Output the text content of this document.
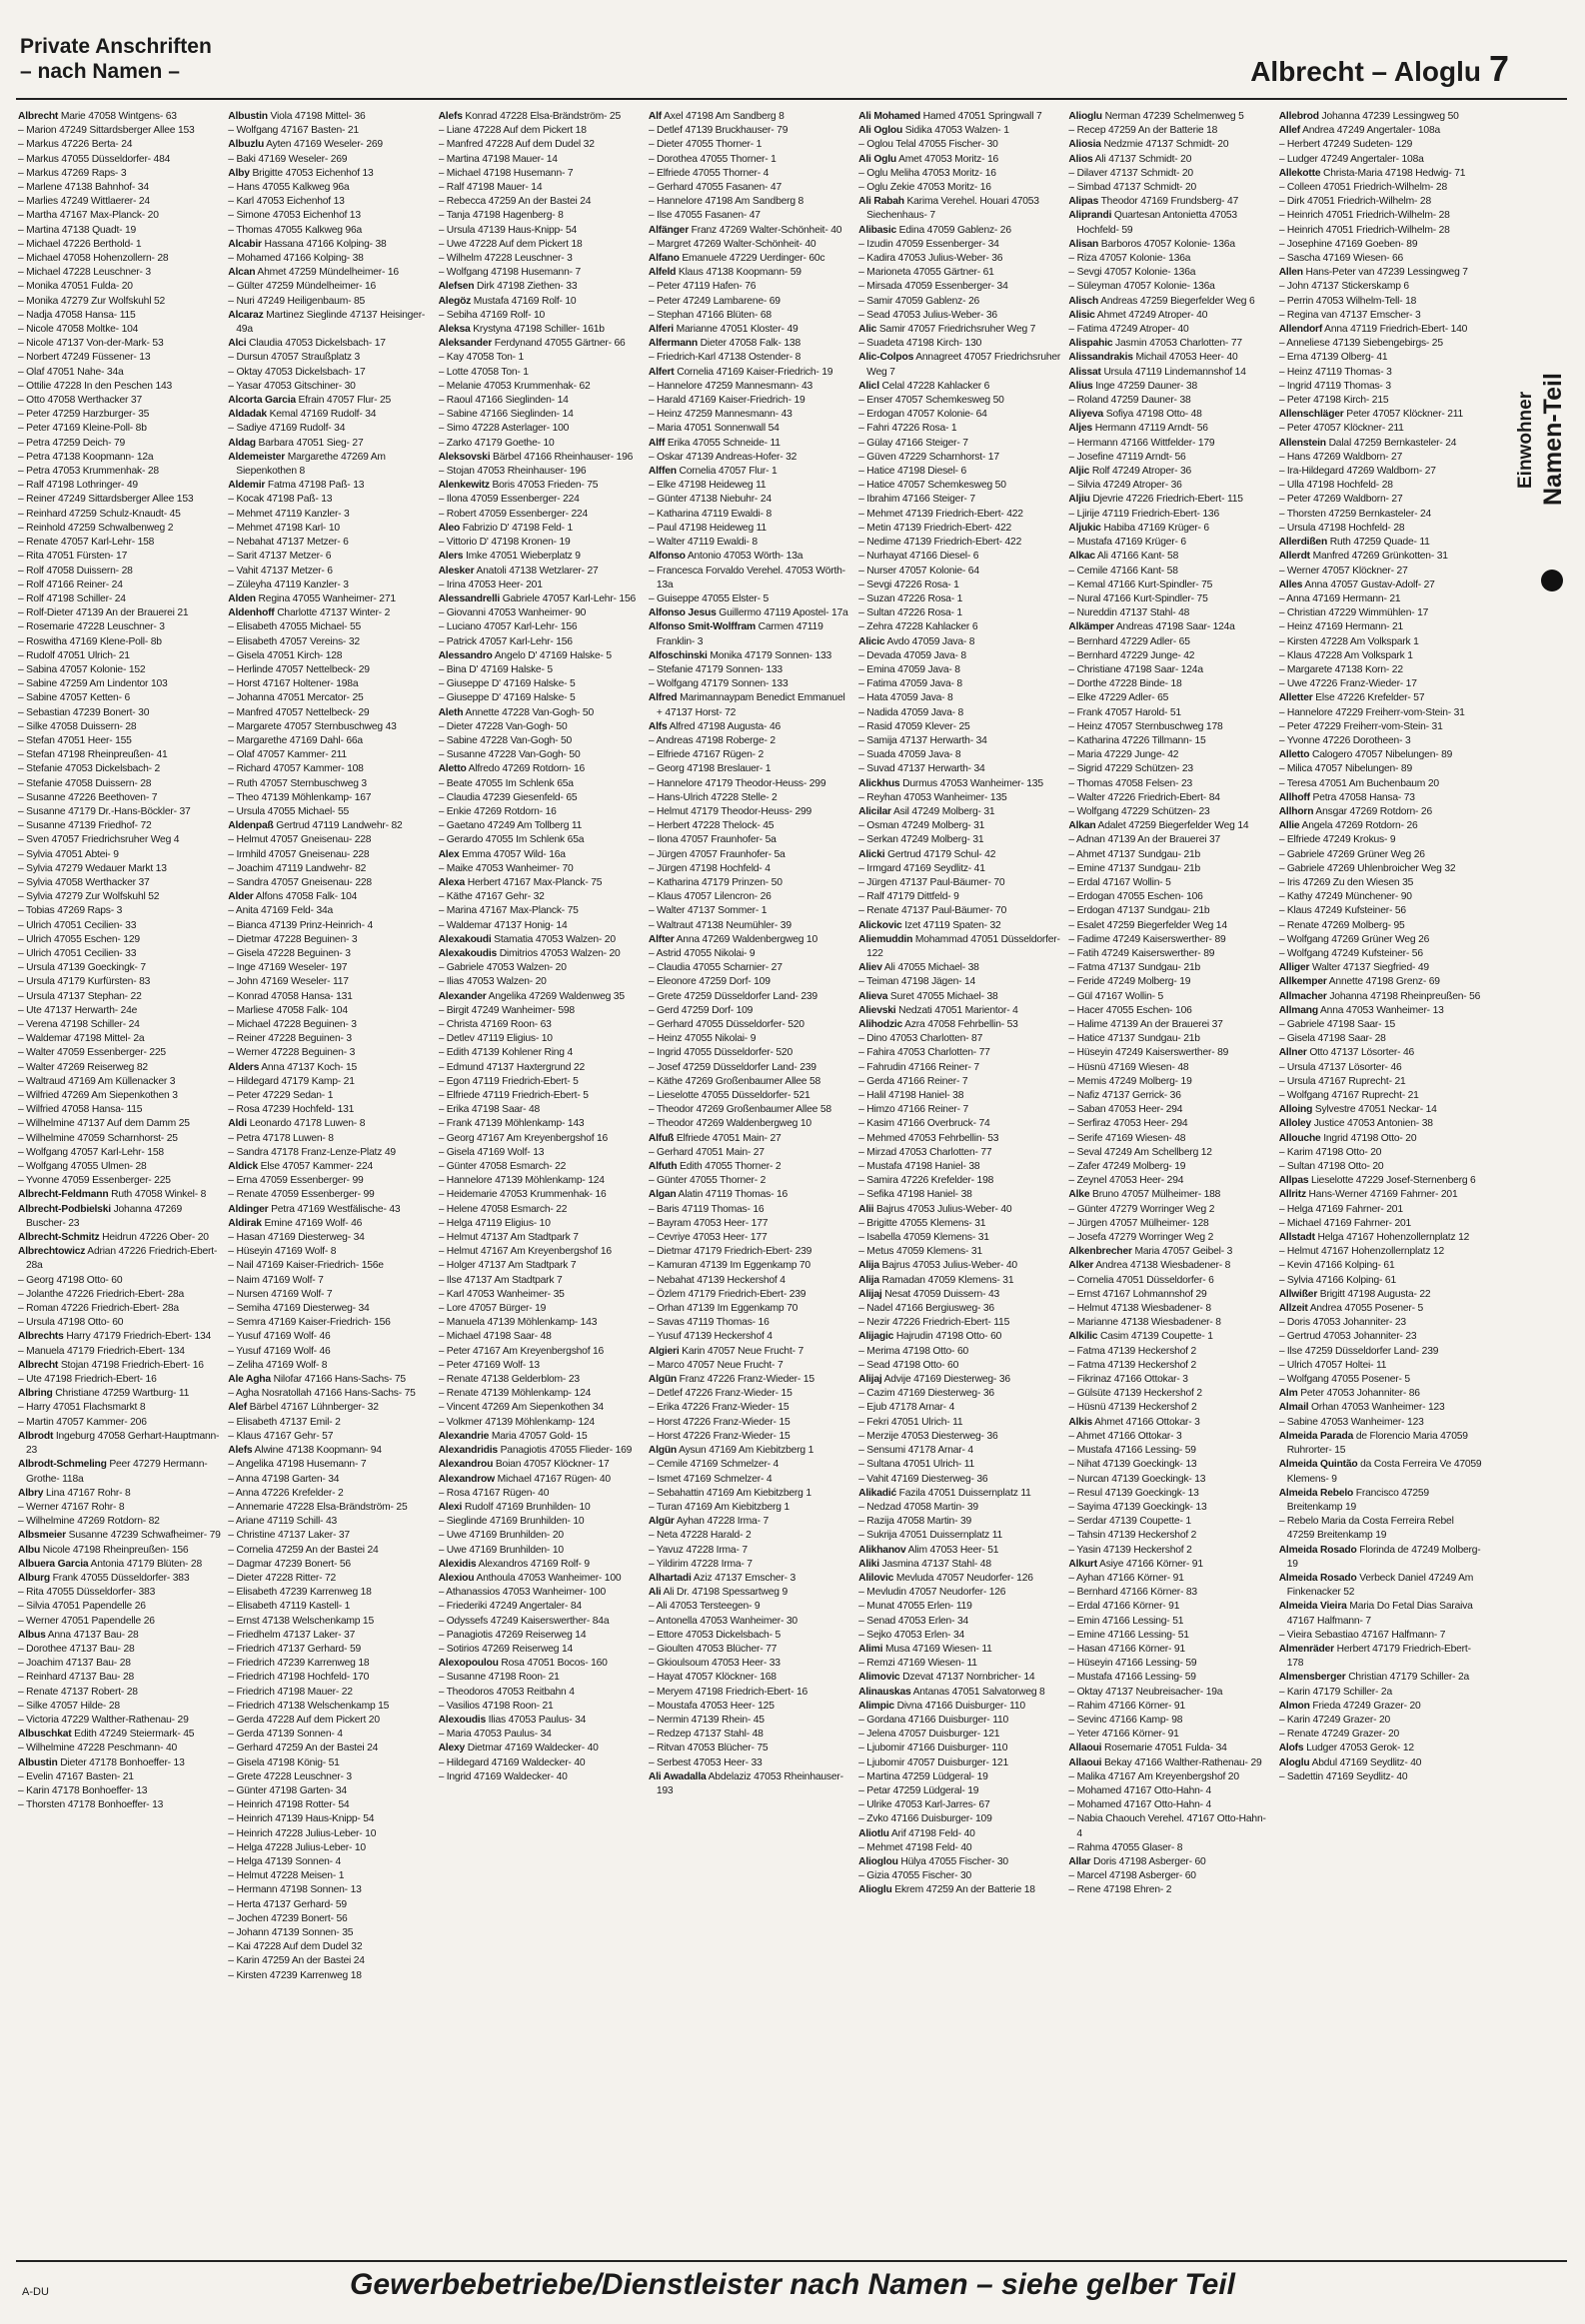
Private Anschriften
– nach Namen –	Albrecht – Aloglu 7

Albrecht Marie 47058 Wintgens- 63

– Marion 47249 Sittardsberger Allee 153

– Markus 47226 Berta- 24

– Markus 47055 Düsseldorfer- 484

– Markus 47269 Raps- 3

– Marlene 47138 Bahnhof- 34

– Marlies 47249 Wittlaerer- 24

– Martha 47167 Max-Planck- 20

– Martina 47138 Quadt- 19

– Michael 47226 Berthold- 1

– Michael 47058 Hohenzollern- 28

– Michael 47228 Leuschner- 3

– Monika 47051 Fulda- 20

– Monika 47279 Zur Wolfskuhl 52

– Nadja 47058 Hansa- 115

– Nicole 47058 Moltke- 104

– Nicole 47137 Von-der-Mark- 53

– Norbert 47249 Füssener- 13

– Olaf 47051 Nahe- 34a

– Ottilie 47228 In den Peschen 143

– Otto 47058 Werthacker 37

– Peter 47259 Harzburger- 35

– Peter 47169 Kleine-Poll- 8b

– Petra 47259 Deich- 79

– Petra 47138 Koopmann- 12a

– Petra 47053 Krummenhak- 28

– Ralf 47198 Lothringer- 49

– Reiner 47249 Sittardsberger Allee 153

– Reinhard 47259 Schulz-Knaudt- 45

– Reinhold 47259 Schwalbenweg 2

– Renate 47057 Karl-Lehr- 158

– Rita 47051 Fürsten- 17

– Rolf 47058 Duissern- 28

– Rolf 47166 Reiner- 24

– Rolf 47198 Schiller- 24

– Rolf-Dieter 47139 An der Brauerei 21

– Rosemarie 47228 Leuschner- 3

– Roswitha 47169 Klene-Poll- 8b

– Rudolf 47051 Ulrich- 21

– Sabina 47057 Kolonie- 152

– Sabine 47259 Am Lindentor 103

– Sabine 47057 Ketten- 6

– Sebastian 47239 Bonert- 30

– Silke 47058 Duissern- 28

– Stefan 47051 Heer- 155

– Stefan 47198 Rheinpreußen- 41

– Stefanie 47053 Dickelsbach- 2

– Stefanie 47058 Duissern- 28

– Susanne 47226 Beethoven- 7

– Susanne 47179 Dr.-Hans-Böckler- 37

– Susanne 47139 Friedhof- 72

– Sven 47057 Friedrichsruher Weg 4

– Sylvia 47051 Abtei- 9

– Sylvia 47279 Wedauer Markt 13

– Sylvia 47058 Werthacker 37

– Sylvia 47279 Zur Wolfskuhl 52

– Tobias 47269 Raps- 3

– Ulrich 47051 Cecilien- 33

– Ulrich 47055 Eschen- 129

– Ulrich 47051 Cecilien- 33

– Ursula 47139 Goeckingk- 7

– Ursula 47179 Kurfürsten- 83

– Ursula 47137 Stephan- 22

– Ute 47137 Herwarth- 24e

– Verena 47198 Schiller- 24

– Waldemar 47198 Mittel- 2a

– Walter 47059 Essenberger- 225

– Walter 47269 Reiserweg 82

– Waltraud 47169 Am Küllenacker 3

– Wilfried 47269 Am Siepenkothen 3

– Wilfried 47058 Hansa- 115

– Wilhelmine 47137 Auf dem Damm 25

– Wilhelmine 47059 Scharnhorst- 25

– Wolfgang 47057 Karl-Lehr- 158

– Wolfgang 47055 Ulmen- 28

– Yvonne 47059 Essenberger- 225

Albrecht-Feldmann Ruth 47058 Winkel- 8

Albrecht-Podbielski Johanna 47269 Buscher- 23

Albrecht-Schmitz Heidrun 47226 Ober- 20

Albrechtowicz Adrian 47226 Friedrich-Ebert- 28a

– Georg 47198 Otto- 60

– Jolanthe 47226 Friedrich-Ebert- 28a

– Roman 47226 Friedrich-Ebert- 28a

– Ursula 47198 Otto- 60

Albrechts Harry 47179 Friedrich-Ebert- 134

– Manuela 47179 Friedrich-Ebert- 134

Albrecht Stojan 47198 Friedrich-Ebert- 16

– Ute 47198 Friedrich-Ebert- 16

Albring Christiane 47259 Wartburg- 11

– Harry 47051 Flachsmarkt 8

– Martin 47057 Kammer- 206

Albrodt Ingeburg 47058 Gerhart-Hauptmann- 23

Albrodt-Schmeling Peer 47279 Hermann-Grothe- 118a

Albry Lina 47167 Rohr- 8

– Werner 47167 Rohr- 8

– Wilhelmine 47269 Rotdorn- 82

Albsmeier Susanne 47239 Schwafheimer- 79

Albu Nicole 47198 Rheinpreußen- 156

Albuera Garcia Antonia 47179 Blüten- 28

Alburg Frank 47055 Düsseldorfer- 383

– Rita 47055 Düsseldorfer- 383

– Silvia 47051 Papendelle 26

– Werner 47051 Papendelle 26

Albus Anna 47137 Bau- 28

– Dorothee 47137 Bau- 28

– Joachim 47137 Bau- 28

– Reinhard 47137 Bau- 28

– Renate 47137 Robert- 28

– Silke 47057 Hilde- 28

– Victoria 47229 Walther-Rathenau- 29

Albuschkat Edith 47249 Steiermark- 45

– Wilhelmine 47228 Peschmann- 40

Albustin Dieter 47178 Bonhoeffer- 13

– Evelin 47167 Basten- 21

– Karin 47178 Bonhoeffer- 13

– Thorsten 47178 Bonhoeffer- 13

Albustin Viola 47198 Mittel- 36

– Wolfgang 47167 Basten- 21

Albuzlu Ayten 47169 Weseler- 269

– Baki 47169 Weseler- 269

Alby Brigitte 47053 Eichenhof 13

– Hans 47055 Kalkweg 96a

– Karl 47053 Eichenhof 13

– Simone 47053 Eichenhof 13

– Thomas 47055 Kalkweg 96a

Alcabir Hassana 47166 Kolping- 38

– Mohamed 47166 Kolping- 38

Alcan Ahmet 47259 Mündelheimer- 16

– Gülter 47259 Mündelheimer- 16

– Nuri 47249 Heiligenbaum- 85

Alcaraz Martinez Sieglinde 47137 Heisinger- 49a

Alci Claudia 47053 Dickelsbach- 17

– Dursun 47057 Straußplatz 3

– Oktay 47053 Dickelsbach- 17

– Yasar 47053 Gitschiner- 30

Alcorta Garcia Efrain 47057 Flur- 25

Aldadak Kemal 47169 Rudolf- 34

– Sadiye 47169 Rudolf- 34

Aldag Barbara 47051 Sieg- 27

Aldemeister Margarethe 47269 Am Siepenkothen 8

Aldemir Fatma 47198 Paß- 13

– Kocak 47198 Paß- 13

– Mehmet 47119 Kanzler- 3

– Mehmet 47198 Karl- 10

– Nebahat 47137 Metzer- 6

– Sarit 47137 Metzer- 6

– Vahit 47137 Metzer- 6

– Züleyha 47119 Kanzler- 3

Alden Regina 47055 Wanheimer- 271

Aldenhoff Charlotte 47137 Winter- 2

– Elisabeth 47055 Michael- 55

– Elisabeth 47057 Vereins- 32

– Gisela 47051 Kirch- 128

– Herlinde 47057 Nettelbeck- 29

– Horst 47167 Holtener- 198a

– Johanna 47051 Mercator- 25

– Manfred 47057 Nettelbeck- 29

– Margarete 47057 Sternbuschweg 43

– Margarethe 47169 Dahl- 66a

– Olaf 47057 Kammer- 211

– Richard 47057 Kammer- 108

– Ruth 47057 Sternbuschweg 3

– Theo 47139 Möhlenkamp- 167

– Ursula 47055 Michael- 55

Aldenpaß Gertrud 47119 Landwehr- 82

– Helmut 47057 Gneisenau- 228

– Irmhild 47057 Gneisenau- 228

– Joachim 47119 Landwehr- 82

– Sandra 47057 Gneisenau- 228

Alder Alfons 47058 Falk- 104

– Anita 47169 Feld- 34a

– Bianca 47139 Prinz-Heinrich- 4

– Dietmar 47228 Beguinen- 3

– Gisela 47228 Beguinen- 3

– Inge 47169 Weseler- 197

– John 47169 Weseler- 117

– Konrad 47058 Hansa- 131

– Marliese 47058 Falk- 104

– Michael 47228 Beguinen- 3

– Reiner 47228 Beguinen- 3

– Werner 47228 Beguinen- 3

Alders Anna 47137 Koch- 15

– Hildegard 47179 Kamp- 21

– Peter 47229 Sedan- 1

– Rosa 47239 Hochfeld- 131

Aldi Leonardo 47178 Luwen- 8

– Petra 47178 Luwen- 8

– Sandra 47178 Franz-Lenze-Platz 49

Aldick Else 47057 Kammer- 224

– Erna 47059 Essenberger- 99

– Renate 47059 Essenberger- 99

Aldinger Petra 47169 Westfälische- 43

Aldirak Emine 47169 Wolf- 46

– Hasan 47169 Diesterweg- 34

– Hüseyin 47169 Wolf- 8

– Nail 47169 Kaiser-Friedrich- 156e

– Naim 47169 Wolf- 7

– Nursen 47169 Wolf- 7

– Semiha 47169 Diesterweg- 34

– Semra 47169 Kaiser-Friedrich- 156

– Yusuf 47169 Wolf- 46

– Yusuf 47169 Wolf- 46

– Zeliha 47169 Wolf- 8

Ale Agha Nilofar 47166 Hans-Sachs- 75

– Agha Nosratollah 47166 Hans-Sachs- 75

Alef Bärbel 47167 Lühnberger- 32

– Elisabeth 47137 Emil- 2

– Klaus 47167 Gehr- 57

Alefs Alwine 47138 Koopmann- 94

– Angelika 47198 Husemann- 7

– Anna 47198 Garten- 34

– Anna 47226 Krefelder- 2

– Annemarie 47228 Elsa-Brändström- 25

– Ariane 47119 Schill- 43

– Christine 47137 Laker- 37

– Cornelia 47259 An der Bastei 24

– Dagmar 47239 Bonert- 56

– Dieter 47228 Ritter- 72

– Elisabeth 47239 Karrenweg 18

– Elisabeth 47119 Kastell- 1

– Ernst 47138 Welschenkamp 15

– Friedhelm 47137 Laker- 37

– Friedrich 47137 Gerhard- 59

– Friedrich 47239 Karrenweg 18

– Friedrich 47198 Hochfeld- 170

– Friedrich 47198 Mauer- 22

– Friedrich 47138 Welschenkamp 15

– Gerda 47228 Auf dem Pickert 20

– Gerda 47139 Sonnen- 4

– Gerhard 47259 An der Bastei 24

– Gisela 47198 König- 51

– Grete 47228 Leuschner- 3

– Günter 47198 Garten- 34

– Heinrich 47198 Rotter- 54

– Heinrich 47139 Haus-Knipp- 54

– Heinrich 47228 Julius-Leber- 10

– Helga 47228 Julius-Leber- 10

– Helga 47139 Sonnen- 4

– Helmut 47228 Meisen- 1

– Hermann 47198 Sonnen- 13

– Herta 47137 Gerhard- 59

– Jochen 47239 Bonert- 56

– Johann 47139 Sonnen- 35

– Kai 47228 Auf dem Dudel 32

– Karin 47259 An der Bastei 24

– Kirsten 47239 Karrenweg 18

Alefs Konrad 47228 Elsa-Brändström- 25

– Liane 47228 Auf dem Pickert 18

– Manfred 47228 Auf dem Dudel 32

– Martina 47198 Mauer- 14

– Michael 47198 Husemann- 7

– Ralf 47198 Mauer- 14

– Rebecca 47259 An der Bastei 24

– Tanja 47198 Hagenberg- 8

– Ursula 47139 Haus-Knipp- 54

– Uwe 47228 Auf dem Pickert 18

– Wilhelm 47228 Leuschner- 3

– Wolfgang 47198 Husemann- 7

Alefsen Dirk 47198 Ziethen- 33

Alegöz Mustafa 47169 Rolf- 10

– Sebiha 47169 Rolf- 10

Aleksa Krystyna 47198 Schiller- 161b

Aleksander Ferdynand 47055 Gärtner- 66

– Kay 47058 Ton- 1

– Lotte 47058 Ton- 1

– Melanie 47053 Krummenhak- 62

– Raoul 47166 Sieglinden- 14

– Sabine 47166 Sieglinden- 14

– Simo 47228 Asterlager- 100

– Zarko 47179 Goethe- 10

Aleksovski Bärbel 47166 Rheinhauser- 196

– Stojan 47053 Rheinhauser- 196

Alenkewitz Boris 47053 Frieden- 75

– Ilona 47059 Essenberger- 224

– Robert 47059 Essenberger- 224

Aleo Fabrizio D' 47198 Feld- 1

– Vittorio D' 47198 Kronen- 19

Alers Imke 47051 Wieberplatz 9

Alesker Anatoli 47138 Wetzlarer- 27

– Irina 47053 Heer- 201

Alessandrelli Gabriele 47057 Karl-Lehr- 156

– Giovanni 47053 Wanheimer- 90

– Luciano 47057 Karl-Lehr- 156

– Patrick 47057 Karl-Lehr- 156

Alessandro Angelo D' 47169 Halske- 5

– Bina D' 47169 Halske- 5

– Giuseppe D' 47169 Halske- 5

– Giuseppe D' 47169 Halske- 5

Aleth Annette 47228 Van-Gogh- 50

– Dieter 47228 Van-Gogh- 50

– Sabine 47228 Van-Gogh- 50

– Susanne 47228 Van-Gogh- 50

Aletto Alfredo 47269 Rotdorn- 16

– Beate 47055 Im Schlenk 65a

– Claudia 47239 Giesenfeld- 65

– Enkie 47269 Rotdorn- 16

– Gaetano 47249 Am Tollberg 11

– Gerardo 47055 Im Schlenk 65a

Alex Emma 47057 Wild- 16a

– Maike 47053 Wanheimer- 70

Alexa Herbert 47167 Max-Planck- 75

– Käthe 47167 Gehr- 32

– Marina 47167 Max-Planck- 75

– Waldemar 47137 Honig- 14

Alexakoudi Stamatia 47053 Walzen- 20

Alexakoudis Dimitrios 47053 Walzen- 20

– Gabriele 47053 Walzen- 20

– Ilias 47053 Walzen- 20

Alexander Angelika 47269 Waldenweg 35

– Birgit 47249 Wanheimer- 598

– Christa 47169 Roon- 63

– Detlev 47119 Eligius- 10

– Edith 47139 Kohlener Ring 4

– Edmund 47137 Haxtergrund 22

– Egon 47119 Friedrich-Ebert- 5

– Elfriede 47119 Friedrich-Ebert- 5

– Erika 47198 Saar- 48

– Frank 47139 Möhlenkamp- 143

– Georg 47167 Am Kreyenbergshof 16

– Gisela 47169 Wolf- 13

– Günter 47058 Esmarch- 22

– Hannelore 47139 Möhlenkamp- 124

– Heidemarie 47053 Krummenhak- 16

– Helene 47058 Esmarch- 22

– Helga 47119 Eligius- 10

– Helmut 47137 Am Stadtpark 7

– Helmut 47167 Am Kreyenbergshof 16

– Holger 47137 Am Stadtpark 7

– Ilse 47137 Am Stadtpark 7

– Karl 47053 Wanheimer- 35

– Lore 47057 Bürger- 19

– Manuela 47139 Möhlenkamp- 143

– Michael 47198 Saar- 48

– Peter 47167 Am Kreyenbergshof 16

– Peter 47169 Wolf- 13

– Renate 47138 Gelderblom- 23

– Renate 47139 Möhlenkamp- 124

– Vincent 47269 Am Siepenkothen 34

– Volkmer 47139 Möhlenkamp- 124

Alexandrie Maria 47057 Gold- 15

Alexandridis Panagiotis 47055 Flieder- 169

Alexandrou Boian 47057 Klöckner- 17

Alexandrow Michael 47167 Rügen- 40

– Rosa 47167 Rügen- 40

Alexi Rudolf 47169 Brunhilden- 10

– Sieglinde 47169 Brunhilden- 10

– Uwe 47169 Brunhilden- 20

– Uwe 47169 Brunhilden- 10

Alexidis Alexandros 47169 Rolf- 9

Alexiou Anthoula 47053 Wanheimer- 100

– Athanassios 47053 Wanheimer- 100

– Friederiki 47249 Angertaler- 84

– Odyssefs 47249 Kaiserswerther- 84a

– Panagiotis 47269 Reiserweg 14

– Sotirios 47269 Reiserweg 14

Alexopoulou Rosa 47051 Bocos- 160

– Susanne 47198 Roon- 21

– Theodoros 47053 Reitbahn 4

– Vasilios 47198 Roon- 21

Alexoudis Ilias 47053 Paulus- 34

– Maria 47053 Paulus- 34

Alexy Dietmar 47169 Waldecker- 40

– Hildegard 47169 Waldecker- 40

– Ingrid 47169 Waldecker- 40

Alf Axel 47198 Am Sandberg 8

– Detlef 47139 Bruckhauser- 79

– Dieter 47055 Thorner- 1

– Dorothea 47055 Thorner- 1

– Elfriede 47055 Thorner- 4

– Gerhard 47055 Fasanen- 47

– Hannelore 47198 Am Sandberg 8

– Ilse 47055 Fasanen- 47

Alfänger Franz 47269 Walter-Schönheit- 40

– Margret 47269 Walter-Schönheit- 40

Alfano Emanuele 47229 Uerdinger- 60c

Alfeld Klaus 47138 Koopmann- 59

– Peter 47119 Hafen- 76

– Peter 47249 Lambarene- 69

– Stephan 47166 Blüten- 68

Alferi Marianne 47051 Kloster- 49

Alfermann Dieter 47058 Falk- 138

– Friedrich-Karl 47138 Ostender- 8

Alfert Cornelia 47169 Kaiser-Friedrich- 19

– Hannelore 47259 Mannesmann- 43

– Harald 47169 Kaiser-Friedrich- 19

– Heinz 47259 Mannesmann- 43

– Maria 47051 Sonnenwall 54

Alff Erika 47055 Schneide- 11

– Oskar 47139 Andreas-Hofer- 32

Alffen Cornelia 47057 Flur- 1

– Elke 47198 Heideweg 11

– Günter 47138 Niebuhr- 24

– Katharina 47119 Ewaldi- 8

– Paul 47198 Heideweg 11

– Walter 47119 Ewaldi- 8

Alfonso Antonio 47053 Wörth- 13a

– Francesca Forvaldo Verehel. 47053 Wörth- 13a

– Guiseppe 47055 Elster- 5

Alfonso Jesus Guillermo 47119 Apostel- 17a

Alfonso Smit-Wolffram Carmen 47119 Franklin- 3

Alfoschinski Monika 47179 Sonnen- 133

– Stefanie 47179 Sonnen- 133

– Wolfgang 47179 Sonnen- 133

Alfred Marimannaypam Benedict Emmanuel + 47137 Horst- 72

Alfs Alfred 47198 Augusta- 46

– Andreas 47198 Roberge- 2

– Elfriede 47167 Rügen- 2

– Georg 47198 Breslauer- 1

– Hannelore 47179 Theodor-Heuss- 299

– Hans-Ulrich 47228 Stelle- 2

– Helmut 47179 Theodor-Heuss- 299

– Herbert 47228 Thelock- 45

– Ilona 47057 Fraunhofer- 5a

– Jürgen 47057 Fraunhofer- 5a

– Jürgen 47198 Hochfeld- 4

– Katharina 47179 Prinzen- 50

– Klaus 47057 Lilencron- 26

– Walter 47137 Sommer- 1

– Waltraut 47138 Neumühler- 39

Alfter Anna 47269 Waldenbergweg 10

– Astrid 47055 Nikolai- 9

– Claudia 47055 Scharnier- 27

– Eleonore 47259 Dorf- 109

– Grete 47259 Düsseldorfer Land- 239

– Gerd 47259 Dorf- 109

– Gerhard 47055 Düsseldorfer- 520

– Heinz 47055 Nikolai- 9

– Ingrid 47055 Düsseldorfer- 520

– Josef 47259 Düsseldorfer Land- 239

– Käthe 47269 Großenbaumer Allee 58

– Lieselotte 47055 Düsseldorfer- 521

– Theodor 47269 Großenbaumer Allee 58

– Theodor 47269 Waldenbergweg 10

Alfuß Elfriede 47051 Main- 27

– Gerhard 47051 Main- 27

Alfuth Edith 47055 Thorner- 2

– Günter 47055 Thorner- 2

Algan Alatin 47119 Thomas- 16

– Baris 47119 Thomas- 16

– Bayram 47053 Heer- 177

– Cevriye 47053 Heer- 177

– Dietmar 47179 Friedrich-Ebert- 239

– Kamuran 47139 Im Eggenkamp 70

– Nebahat 47139 Heckershof 4

– Özlem 47179 Friedrich-Ebert- 239

– Orhan 47139 Im Eggenkamp 70

– Savas 47119 Thomas- 16

– Yusuf 47139 Heckershof 4

Algieri Karin 47057 Neue Frucht- 7

– Marco 47057 Neue Frucht- 7

Algün Franz 47226 Franz-Wieder- 15

– Detlef 47226 Franz-Wieder- 15

– Erika 47226 Franz-Wieder- 15

– Horst 47226 Franz-Wieder- 15

– Horst 47226 Franz-Wieder- 15

Algün Aysun 47169 Am Kiebitzberg 1

– Cemile 47169 Schmelzer- 4

– Ismet 47169 Schmelzer- 4

– Sebahattin 47169 Am Kiebitzberg 1

– Turan 47169 Am Kiebitzberg 1

Algür Ayhan 47228 Irma- 7

– Neta 47228 Harald- 2

– Yavuz 47228 Irma- 7

– Yildirim 47228 Irma- 7

Alhartadi Aziz 47137 Emscher- 3

Ali Ali Dr. 47198 Spessartweg 9

– Ali 47053 Tersteegen- 9

– Antonella 47053 Wanheimer- 30

– Ettore 47053 Dickelsbach- 5

– Gioulten 47053 Blücher- 77

– Gkioulsoum 47053 Heer- 33

– Hayat 47057 Klöckner- 168

– Meryem 47198 Friedrich-Ebert- 16

– Moustafa 47053 Heer- 125

– Nermin 47139 Rhein- 45

– Redzep 47137 Stahl- 48

– Ritvan 47053 Blücher- 75

– Serbest 47053 Heer- 33

Ali Awadalla Abdelaziz 47053 Rheinhauser- 193

Ali Mohamed Hamed 47051 Springwall 7

Ali Oglou Sidika 47053 Walzen- 1

– Oglou Telal 47055 Fischer- 30

Ali Oglu Amet 47053 Moritz- 16

– Oglu Meliha 47053 Moritz- 16

– Oglu Zekie 47053 Moritz- 16

Ali Rabah Karima Verehel. Houari 47053 Siechenhaus- 7

Alibasic Edina 47059 Gablenz- 26

– Izudin 47059 Essenberger- 34

– Kadira 47053 Julius-Weber- 36

– Marioneta 47055 Gärtner- 61

– Mirsada 47059 Essenberger- 34

– Samir 47059 Gablenz- 26

– Sead 47053 Julius-Weber- 36

Alic Samir 47057 Friedrichsruher Weg 7

– Suadeta 47198 Kirch- 130

Alic-Colpos Annagreet 47057 Friedrichsruher Weg 7

Alicl Celal 47228 Kahlacker 6

– Enser 47057 Schemkesweg 50

– Erdogan 47057 Kolonie- 64

– Fahri 47226 Rosa- 1

– Gülay 47166 Steiger- 7

– Güven 47229 Scharnhorst- 17

– Hatice 47198 Diesel- 6

– Hatice 47057 Schemkesweg 50

– Ibrahim 47166 Steiger- 7

– Mehmet 47139 Friedrich-Ebert- 422

– Metin 47139 Friedrich-Ebert- 422

– Nedime 47139 Friedrich-Ebert- 422

– Nurhayat 47166 Diesel- 6

– Nurser 47057 Kolonie- 64

– Sevgi 47226 Rosa- 1

– Suzan 47226 Rosa- 1

– Sultan 47226 Rosa- 1

– Zehra 47228 Kahlacker 6

Alicic Avdo 47059 Java- 8

– Devada 47059 Java- 8

– Emina 47059 Java- 8

– Fatima 47059 Java- 8

– Hata 47059 Java- 8

– Nadida 47059 Java- 8

– Rasid 47059 Klever- 25

– Samija 47137 Herwarth- 34

– Suada 47059 Java- 8

– Suvad 47137 Herwarth- 34

Alickhus Durmus 47053 Wanheimer- 135

– Reyhan 47053 Wanheimer- 135

Alicilar Asil 47249 Molberg- 31

– Osman 47249 Molberg- 31

– Serkan 47249 Molberg- 31

Alicki Gertrud 47179 Schul- 42

– Irmgard 47169 Seydlitz- 41

– Jürgen 47137 Paul-Bäumer- 70

– Ralf 47179 Dittfeld- 9

– Renate 47137 Paul-Bäumer- 70

Alickovic Izet 47119 Spaten- 32

Aliemuddin Mohammad 47051 Düsseldorfer- 122

Aliev Ali 47055 Michael- 38

– Teiman 47198 Jägen- 14

Alieva Suret 47055 Michael- 38

Alievski Nedzati 47051 Marientor- 4

Alihodzic Azra 47058 Fehrbellin- 53

– Dino 47053 Charlotten- 87

– Fahira 47053 Charlotten- 77

– Fahrudin 47166 Reiner- 7

– Gerda 47166 Reiner- 7

– Halil 47198 Haniel- 38

– Himzo 47166 Reiner- 7

– Kasim 47166 Overbruck- 74

– Mehmed 47053 Fehrbellin- 53

– Mirzad 47053 Charlotten- 77

– Mustafa 47198 Haniel- 38

– Samira 47226 Krefelder- 198

– Sefika 47198 Haniel- 38

Alii Bajrus 47053 Julius-Weber- 40

– Brigitte 47055 Klemens- 31

– Isabella 47059 Klemens- 31

– Metus 47059 Klemens- 31

Alija Bajrus 47053 Julius-Weber- 40

Alija Ramadan 47059 Klemens- 31

Alijaj Nesat 47059 Duissern- 43

– Nadel 47166 Bergiusweg- 36

– Nezir 47226 Friedrich-Ebert- 115

Alijagic Hajrudin 47198 Otto- 60

– Merima 47198 Otto- 60

– Sead 47198 Otto- 60

Alijaj Advije 47169 Diesterweg- 36

– Cazim 47169 Diesterweg- 36

– Ejub 47178 Arnar- 4

– Fekri 47051 Ulrich- 11

– Merzije 47053 Diesterweg- 36

– Sensumi 47178 Arnar- 4

– Sultana 47051 Ulrich- 11

– Vahit 47169 Diesterweg- 36

Alikadić Fazila 47051 Duissernplatz 11

– Nedzad 47058 Martin- 39

– Razija 47058 Martin- 39

– Sukrija 47051 Duissernplatz 11

Alikhanov Alim 47053 Heer- 51

Aliki Jasmina 47137 Stahl- 48

Alilovic Mevluda 47057 Neudorfer- 126

– Mevludin 47057 Neudorfer- 126

– Munat 47055 Erlen- 119

– Senad 47053 Erlen- 34

– Sejko 47053 Erlen- 34

Alimi Musa 47169 Wiesen- 11

– Remzi 47169 Wiesen- 11

Alimovic Dzevat 47137 Nornbricher- 14

Alinauskas Antanas 47051 Salvatorweg 8

Alimpic Divna 47166 Duisburger- 110

– Gordana 47166 Duisburger- 110

– Jelena 47057 Duisburger- 121

– Ljubomir 47166 Duisburger- 110

– Ljubomir 47057 Duisburger- 121

– Martina 47259 Lüdgeral- 19

– Petar 47259 Lüdgeral- 19

– Ulrike 47053 Karl-Jarres- 67

– Zvko 47166 Duisburger- 109

Aliotlu Arif 47198 Feld- 40

– Mehmet 47198 Feld- 40

Alioglou Hülya 47055 Fischer- 30

– Gizia 47055 Fischer- 30

Alioglu Ekrem 47259 An der Batterie 18

Alioglu Nerman 47239 Schelmenweg 5

– Recep 47259 An der Batterie 18

Aliosia Nedzmie 47137 Schmidt- 20

Alios Ali 47137 Schmidt- 20

– Dilaver 47137 Schmidt- 20

– Simbad 47137 Schmidt- 20

Alipas Theodor 47169 Frundsberg- 47

Aliprandi Quartesan Antonietta 47053 Hochfeld- 59

Alisan Barboros 47057 Kolonie- 136a

– Riza 47057 Kolonie- 136a

– Sevgi 47057 Kolonie- 136a

– Süleyman 47057 Kolonie- 136a

Alisch Andreas 47259 Biegerfelder Weg 6

Alisic Ahmet 47249 Atroper- 40

– Fatima 47249 Atroper- 40

Alispahic Jasmin 47053 Charlotten- 77

Alissandrakis Michail 47053 Heer- 40

Alissat Ursula 47119 Lindemannshof 14

Alius Inge 47259 Dauner- 38

– Roland 47259 Dauner- 38

Aliyeva Sofiya 47198 Otto- 48

Aljes Hermann 47119 Arndt- 56

– Hermann 47166 Wittfelder- 179

– Josefine 47119 Arndt- 56

Aljic Rolf 47249 Atroper- 36

– Silvia 47249 Atroper- 36

Aljiu Djevrie 47226 Friedrich-Ebert- 115

– Ljirije 47119 Friedrich-Ebert- 136

Aljukic Habiba 47169 Krüger- 6

– Mustafa 47169 Krüger- 6

Alkac Ali 47166 Kant- 58

– Cemile 47166 Kant- 58

– Kemal 47166 Kurt-Spindler- 75

– Nural 47166 Kurt-Spindler- 75

– Nureddin 47137 Stahl- 48

Alkämper Andreas 47198 Saar- 124a

– Bernhard 47229 Adler- 65

– Bernhard 47229 Junge- 42

– Christiane 47198 Saar- 124a

– Dorthe 47228 Binde- 18

– Elke 47229 Adler- 65

– Frank 47057 Harold- 51

– Heinz 47057 Sternbuschweg 178

– Katharina 47226 Tillmann- 15

– Maria 47229 Junge- 42

– Sigrid 47229 Schützen- 23

– Thomas 47058 Felsen- 23

– Walter 47226 Friedrich-Ebert- 84

– Wolfgang 47229 Schützen- 23

Alkan Adalet 47259 Biegerfelder Weg 14

– Adnan 47139 An der Brauerei 37

– Ahmet 47137 Sundgau- 21b

– Emine 47137 Sundgau- 21b

– Erdal 47167 Wollin- 5

– Erdogan 47055 Eschen- 106

– Erdogan 47137 Sundgau- 21b

– Esalet 47259 Biegerfelder Weg 14

– Fadime 47249 Kaiserswerther- 89

– Fatih 47249 Kaiserswerther- 89

– Fatma 47137 Sundgau- 21b

– Feride 47249 Molberg- 19

– Gül 47167 Wollin- 5

– Hacer 47055 Eschen- 106

– Halime 47139 An der Brauerei 37

– Hatice 47137 Sundgau- 21b

– Hüseyin 47249 Kaiserswerther- 89

– Hüsnü 47169 Wiesen- 48

– Memis 47249 Molberg- 19

– Nafiz 47137 Gerrick- 36

– Saban 47053 Heer- 294

– Serfiraz 47053 Heer- 294

– Serife 47169 Wiesen- 48

– Seval 47249 Am Schellberg 12

– Zafer 47249 Molberg- 19

– Zeynel 47053 Heer- 294

Alke Bruno 47057 Mülheimer- 188

– Günter 47279 Worringer Weg 2

– Jürgen 47057 Mülheimer- 128

– Josefa 47279 Worringer Weg 2

Alkenbrecher Maria 47057 Geibel- 3

Alker Andrea 47138 Wiesbadener- 8

– Cornelia 47051 Düsseldorfer- 6

– Ernst 47167 Lohmannshof 29

– Helmut 47138 Wiesbadener- 8

– Marianne 47138 Wiesbadener- 8

Alkilic Casim 47139 Coupette- 1

– Fatma 47139 Heckershof 2

– Fatma 47139 Heckershof 2

– Fikrinaz 47166 Ottokar- 3

– Gülsüte 47139 Heckershof 2

– Hüsnü 47139 Heckershof 2

Alkis Ahmet 47166 Ottokar- 3

– Ahmet 47166 Ottokar- 3

– Mustafa 47166 Lessing- 59

– Nihat 47139 Goeckingk- 13

– Nurcan 47139 Goeckingk- 13

– Resul 47139 Goeckingk- 13

– Sayima 47139 Goeckingk- 13

– Serdar 47139 Coupette- 1

– Tahsin 47139 Heckershof 2

– Yasin 47139 Heckershof 2

Alkurt Asiye 47166 Körner- 91

– Ayhan 47166 Körner- 91

– Bernhard 47166 Körner- 83

– Erdal 47166 Körner- 91

– Emin 47166 Lessing- 51

– Emine 47166 Lessing- 51

– Hasan 47166 Körner- 91

– Hüseyin 47166 Lessing- 59

– Mustafa 47166 Lessing- 59

– Oktay 47137 Neubreisacher- 19a

– Rahim 47166 Körner- 91

– Sevinc 47166 Kamp- 98

– Yeter 47166 Körner- 91

Allaoui Rosemarie 47051 Fulda- 34

Allaoui Bekay 47166 Walther-Rathenau- 29

– Malika 47167 Am Kreyenbergshof 20

– Mohamed 47167 Otto-Hahn- 4

– Mohamed 47167 Otto-Hahn- 4

– Nabia Chaouch Verehel. 47167 Otto-Hahn- 4

– Rahma 47055 Glaser- 8

Allar Doris 47198 Asberger- 60

– Marcel 47198 Asberger- 60

– Rene 47198 Ehren- 2

Allebrod Johanna 47239 Lessingweg 50

Allef Andrea 47249 Angertaler- 108a

– Herbert 47249 Sudeten- 129

– Ludger 47249 Angertaler- 108a

Allekotte Christa-Maria 47198 Hedwig- 71

– Colleen 47051 Friedrich-Wilhelm- 28

– Dirk 47051 Friedrich-Wilhelm- 28

– Heinrich 47051 Friedrich-Wilhelm- 28

– Heinrich 47051 Friedrich-Wilhelm- 28

– Josephine 47169 Goeben- 89

– Sascha 47169 Wiesen- 66

Allen Hans-Peter van 47239 Lessingweg 7

– John 47137 Stickerskamp 6

– Perrin 47053 Wilhelm-Tell- 18

– Regina van 47137 Emscher- 3

Allendorf Anna 47119 Friedrich-Ebert- 140

– Anneliese 47139 Siebengebirgs- 25

– Erna 47139 Olberg- 41

– Heinz 47119 Thomas- 3

– Ingrid 47119 Thomas- 3

– Peter 47198 Kirch- 215

Allenschläger Peter 47057 Klöckner- 211

– Peter 47057 Klöckner- 211

Allenstein Dalal 47259 Bernkasteler- 24

– Hans 47269 Waldborn- 27

– Ira-Hildegard 47269 Waldborn- 27

– Ulla 47198 Hochfeld- 28

– Peter 47269 Waldborn- 27

– Thorsten 47259 Bernkasteler- 24

– Ursula 47198 Hochfeld- 28

Allerdißen Ruth 47259 Quade- 11

Allerdt Manfred 47269 Grünkotten- 31

– Werner 47057 Klöckner- 27

Alles Anna 47057 Gustav-Adolf- 27

– Anna 47169 Hermann- 21

– Christian 47229 Wimmühlen- 17

– Heinz 47169 Hermann- 21

– Kirsten 47228 Am Volkspark 1

– Klaus 47228 Am Volkspark 1

– Margarete 47138 Korn- 22

– Uwe 47226 Franz-Wieder- 17

Alletter Else 47226 Krefelder- 57

– Hannelore 47229 Freiherr-vom-Stein- 31

– Peter 47229 Freiherr-vom-Stein- 31

– Yvonne 47226 Dorotheen- 3

Alletto Calogero 47057 Nibelungen- 89

– Milica 47057 Nibelungen- 89

– Teresa 47051 Am Buchenbaum 20

Allhoff Petra 47058 Hansa- 73

Allhorn Ansgar 47269 Rotdorn- 26

Allie Angela 47269 Rotdorn- 26

– Elfriede 47249 Krokus- 9

– Gabriele 47269 Grüner Weg 26

– Gabriele 47269 Uhlenbroicher Weg 32

– Iris 47269 Zu den Wiesen 35

– Kathy 47249 Münchener- 90

– Klaus 47249 Kufsteiner- 56

– Renate 47269 Molberg- 95

– Wolfgang 47269 Grüner Weg 26

– Wolfgang 47249 Kufsteiner- 56

Alliger Walter 47137 Siegfried- 49

Allkemper Annette 47198 Grenz- 69

Allmacher Johanna 47198 Rheinpreußen- 56

Allmang Anna 47053 Wanheimer- 13

– Gabriele 47198 Saar- 15

– Gisela 47198 Saar- 28

Allner Otto 47137 Lösorter- 46

– Ursula 47137 Lösorter- 46

– Ursula 47167 Ruprecht- 21

– Wolfgang 47167 Ruprecht- 21

Alloing Sylvestre 47051 Neckar- 14

Alloley Justice 47053 Antonien- 38

Allouche Ingrid 47198 Otto- 20

– Karim 47198 Otto- 20

– Sultan 47198 Otto- 20

Allpas Lieselotte 47229 Josef-Sternenberg 6

Allritz Hans-Werner 47169 Fahrner- 201

– Helga 47169 Fahrner- 201

– Michael 47169 Fahrner- 201

Allstadt Helga 47167 Hohenzollernplatz 12

– Helmut 47167 Hohenzollernplatz 12

– Kevin 47166 Kolping- 61

– Sylvia 47166 Kolping- 61

Allwißer Brigitt 47198 Augusta- 22

Allzeit Andrea 47055 Posener- 5

– Doris 47053 Johanniter- 23

– Gertrud 47053 Johanniter- 23

– Ilse 47259 Düsseldorfer Land- 239

– Ulrich 47057 Holtei- 11

– Wolfgang 47055 Posener- 5

Alm Peter 47053 Johanniter- 86

Almail Orhan 47053 Wanheimer- 123

– Sabine 47053 Wanheimer- 123

Almeida Parada de Florencio Maria 47059 Ruhrorter- 15

Almeida Quintão da Costa Ferreira Ve 47059 Klemens- 9

Almeida Rebelo Francisco 47259 Breitenkamp 19

– Rebelo Maria da Costa Ferreira Rebel 47259 Breitenkamp 19

Almeida Rosado Florinda de 47249 Molberg- 19

Almeida Rosado Verbeck Daniel 47249 Am Finkenacker 52

Almeida Vieira Maria Do Fetal Dias Saraiva 47167 Halfmann- 7

– Vieira Sebastiao 47167 Halfmann- 7

Almenräder Herbert 47179 Friedrich-Ebert- 178

Almensberger Christian 47179 Schiller- 2a

– Karin 47179 Schiller- 2a

Almon Frieda 47249 Grazer- 20

– Karin 47249 Grazer- 20

– Renate 47249 Grazer- 20

Alofs Ludger 47053 Gerok- 12

Aloglu Abdul 47169 Seydlitz- 40

– Sadettin 47169 Seydlitz- 40

Einwohner Namen-Teil
Gewerbebetriebe/Dienstleister nach Namen – siehe gelber Teil
A-DU
